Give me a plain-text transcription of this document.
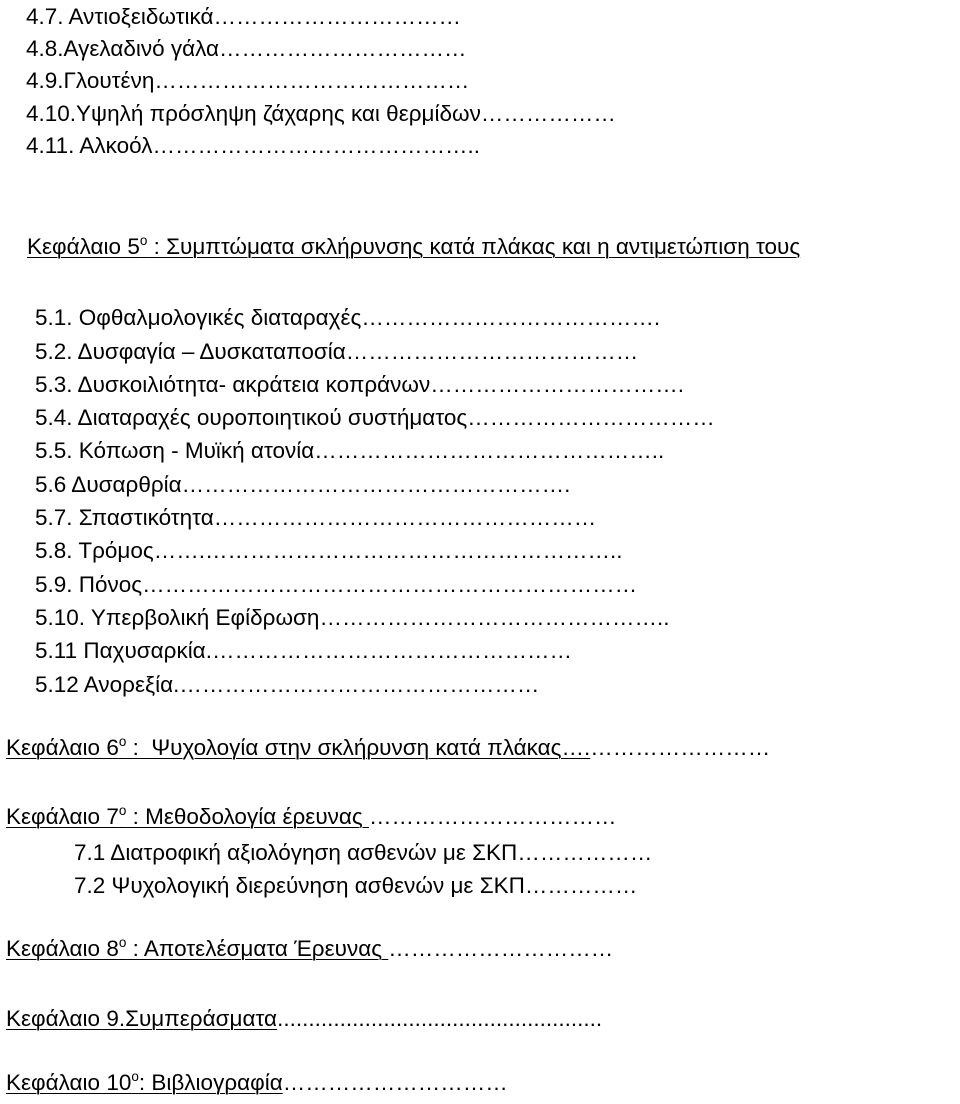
4.7. Αντιοξειδωτικά……………………………
4.8.Αγελαδινό γάλα……………………………
4.9.Γλουτένη……………………………………
4.10.Υψηλή πρόσληψη ζάχαρης και θερμίδων………………
4.11. Αλκοόλ……………………………………..
Κεφάλαιο $5^o$ : Συμπτώματα σκλήρυνσης κατά πλάκας και η αντιμετώπιση τους
5.1. Οφθαλμολογικές διαταραχές………………………………….
5.2. Δυσφαγία – Δυσκαταποσία…………………………………
5.3. Δυσκοιλιότητα- ακράτεια κοπράνων…………………………….
5.4. Διαταραχές ουροποιητικού συστήματος……………………………
5.5. Κόπωση - Μυϊκή ατονία………………………………………..
5.6 Δυσαρθρία…………………………………………….
5.7. Σπαστικότητα……………………………………………
5.8. Τρόμος…….………………………………………………..
5.9. Πόνος…………………………………………………………
5.10. Υπερβολική Εφίδρωση………………………………………..
5.11 Παχυσαρκία.…………………………………………
5.12 Ανορεξία.…………………………………………
Κεφάλαιο $6^o$ :  Ψυχολογία στην σκλήρυνση κατά πλάκας….……………………
Κεφάλαιο $7^o$ : Μεθοδολογία έρευνας ……………………………
7.1 Διατροφική αξιολόγηση ασθενών με ΣΚΠ………………
7.2 Ψυχολογική διερεύνηση ασθενών με ΣΚΠ……………
Κεφάλαιο $8^o$ : Αποτελέσματα Έρευνας …………………………
Κεφάλαιο 9.Συμπεράσματα....................................................
Κεφάλαιο $10^o$: Βιβλιογραφία…………………………
